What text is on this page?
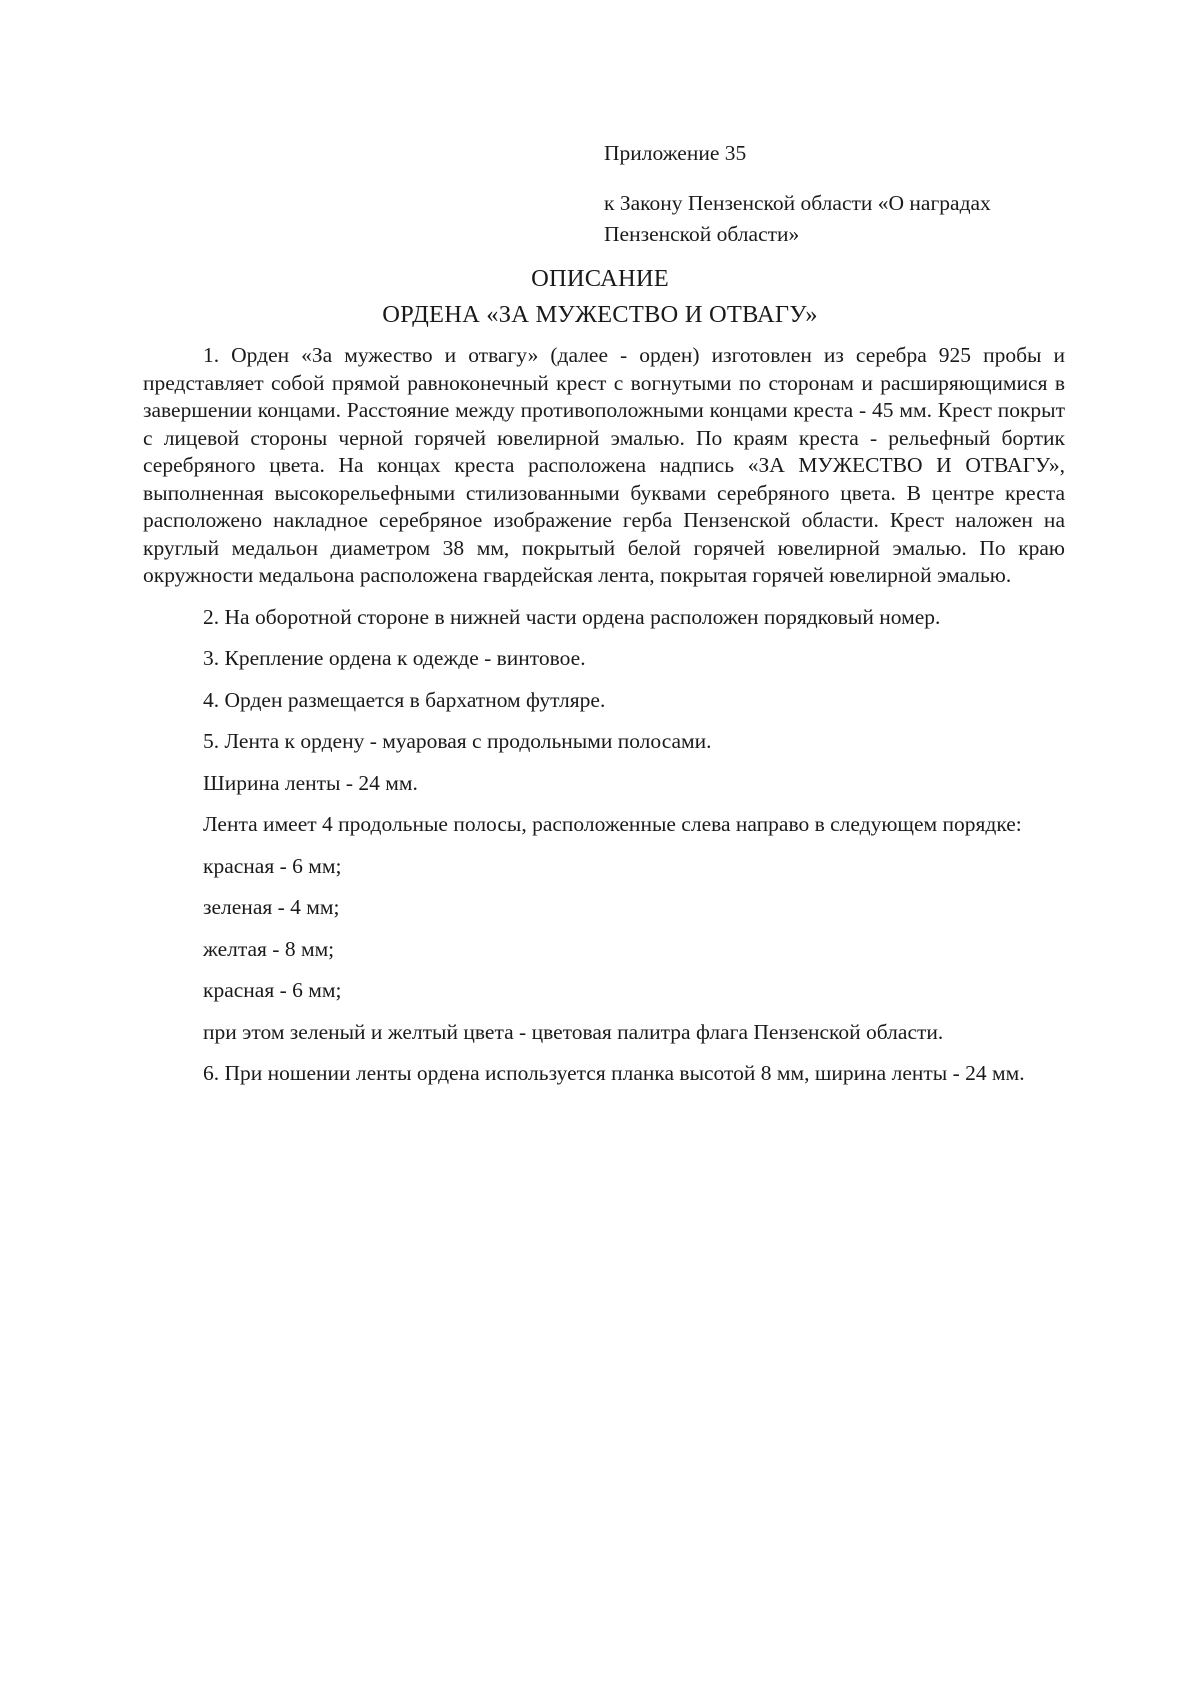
Приложение 35
к Закону Пензенской области «О наградах Пензенской области»
ОПИСАНИЕ
ОРДЕНА «ЗА МУЖЕСТВО И ОТВАГУ»

1. Орден «За мужество и отвагу» (далее - орден) изготовлен из серебра 925 пробы и представляет собой прямой равноконечный крест с вогнутыми по сторонам и расширяющимися в завершении концами. Расстояние между противоположными концами креста - 45 мм. Крест покрыт с лицевой стороны черной горячей ювелирной эмалью. По краям креста - рельефный бортик серебряного цвета. На концах креста расположена надпись «ЗА МУЖЕСТВО И ОТВАГУ», выполненная высокорельефными стилизованными буквами серебряного цвета. В центре креста расположено накладное серебряное изображение герба Пензенской области. Крест наложен на круглый медальон диаметром 38 мм, покрытый белой горячей ювелирной эмалью. По краю окружности медальона расположена гвардейская лента, покрытая горячей ювелирной эмалью.

2. На оборотной стороне в нижней части ордена расположен порядковый номер.

3. Крепление ордена к одежде - винтовое.

4. Орден размещается в бархатном футляре.

5. Лента к ордену - муаровая с продольными полосами.

Ширина ленты - 24 мм.

Лента имеет 4 продольные полосы, расположенные слева направо в следующем порядке:

красная - 6 мм;

зеленая - 4 мм;

желтая - 8 мм;

красная - 6 мм;

при этом зеленый и желтый цвета - цветовая палитра флага Пензенской области.

6. При ношении ленты ордена используется планка высотой 8 мм, ширина ленты - 24 мм.
